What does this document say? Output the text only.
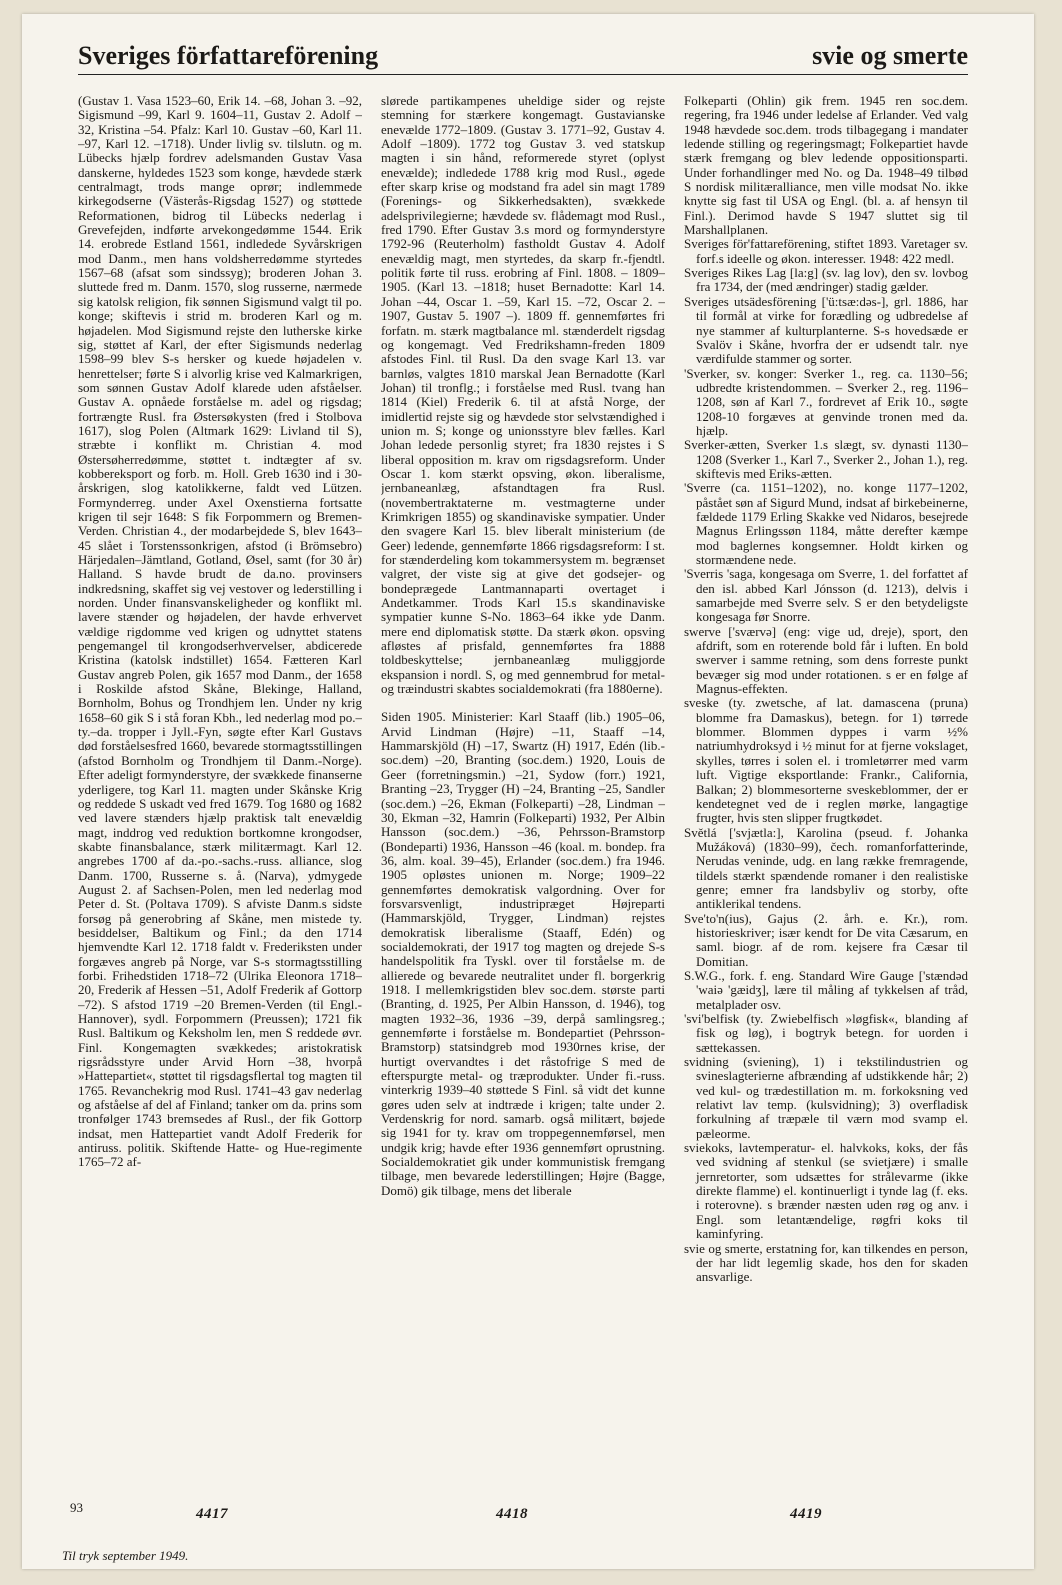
Sveriges författareförening	svie og smerte

(Gustav 1. Vasa 1523–60, Erik 14. –68, Johan 3. –92, Sigismund –99, Karl 9. 1604–11, Gustav 2. Adolf –32, Kristina –54. Pfalz: Karl 10. Gustav –60, Karl 11. –97, Karl 12. –1718). Under livlig sv. tilslutn. og m. Lübecks hjælp fordrev adelsmanden Gustav Vasa danskerne, hyldedes 1523 som konge, hævdede stærk centralmagt, trods mange oprør; indlemmede kirkegodserne (Västerås-Rigsdag 1527) og støttede Reformationen, bidrog til Lübecks nederlag i Grevefejden, indførte arvekongedømme 1544. Erik 14. erobrede Estland 1561, indledede Syvårskrigen mod Danm., men hans voldsherredømme styrtedes 1567–68 (afsat som sindssyg); broderen Johan 3. sluttede fred m. Danm. 1570, slog russerne, nærmede sig katolsk religion, fik sønnen Sigismund valgt til po. konge; skiftevis i strid m. broderen Karl og m. højadelen. Mod Sigismund rejste den lutherske kirke sig, støttet af Karl, der efter Sigismunds nederlag 1598–99 blev S-s hersker og kuede højadelen v. henrettelser; førte S i alvorlig krise ved Kalmarkrigen, som sønnen Gustav Adolf klarede uden afståelser. Gustav A. opnåede forståelse m. adel og rigsdag; fortrængte Rusl. fra Østersøkysten (fred i Stolbova 1617), slog Polen (Altmark 1629: Livland til S), stræbte i konflikt m. Christian 4. mod Østersøherredømme, støttet t. indtægter af sv. kobbereksport og forb. m. Holl. Greb 1630 ind i 30-årskrigen, slog katolikkerne, faldt ved Lützen. Formynderreg. under Axel Oxenstierna fortsatte krigen til sejr 1648: S fik Forpommern og Bremen-Verden. Christian 4., der modarbejdede S, blev 1643–45 slået i Torstenssonkrigen, afstod (i Brömsebro) Härjedalen–Jämtland, Gotland, Øsel, samt (for 30 år) Halland. S havde brudt de da.no. provinsers indkredsning, skaffet sig vej vestover og lederstilling i norden. Under finansvanskeligheder og konflikt ml. lavere stænder og højadelen, der havde erhvervet vældige rigdomme ved krigen og udnyttet statens pengemangel til krongodserhvervelser, abdicerede Kristina (katolsk indstillet) 1654. Fætteren Karl Gustav angreb Polen, gik 1657 mod Danm., der 1658 i Roskilde afstod Skåne, Blekinge, Halland, Bornholm, Bohus og Trondhjem len. Under ny krig 1658–60 gik S i stå foran Kbh., led nederlag mod po.–ty.–da. tropper i Jyll.-Fyn, søgte efter Karl Gustavs død forståelsesfred 1660, bevarede stormagtsstillingen (afstod Bornholm og Trondhjem til Danm.-Norge). Efter adeligt formynderstyre, der svækkede finanserne yderligere, tog Karl 11. magten under Skånske Krig og reddede S uskadt ved fred 1679. Tog 1680 og 1682 ved lavere stænders hjælp praktisk talt enevældig magt, inddrog ved reduktion bortkomne krongodser, skabte finansbalance, stærk militærmagt. Karl 12. angrebes 1700 af da.-po.-sachs.-russ. alliance, slog Danm. 1700, Russerne s. å. (Narva), ydmygede August 2. af Sachsen-Polen, men led nederlag mod Peter d. St. (Poltava 1709). S afviste Danm.s sidste forsøg på generobring af Skåne, men mistede ty. besiddelser, Baltikum og Finl.; da den 1714 hjemvendte Karl 12. 1718 faldt v. Frederiksten under forgæves angreb på Norge, var S-s stormagtsstilling forbi. Frihedstiden 1718–72 (Ulrika Eleonora 1718–20, Frederik af Hessen –51, Adolf Frederik af Gottorp –72). S afstod 1719 –20 Bremen-Verden (til Engl.-Hannover), sydl. Forpommern (Preussen); 1721 fik Rusl. Baltikum og Keksholm len, men S reddede øvr. Finl. Kongemagten svækkedes; aristokratisk rigsrådsstyre under Arvid Horn –38, hvorpå »Hattepartiet«, støttet til rigsdagsflertal tog magten til 1765. Revanchekrig mod Rusl. 1741–43 gav nederlag og afståelse af del af Finland; tanker om da. prins som tronfølger 1743 bremsedes af Rusl., der fik Gottorp indsat, men Hattepartiet vandt Adolf Frederik for antiruss. politik. Skiftende Hatte- og Hue-regimente 1765–72 af-

slørede partikampenes uheldige sider og rejste stemning for stærkere kongemagt. Gustavianske enevælde 1772–1809. (Gustav 3. 1771–92, Gustav 4. Adolf –1809). 1772 tog Gustav 3. ved statskup magten i sin hånd, reformerede styret (oplyst enevælde); indledede 1788 krig mod Rusl., øgede efter skarp krise og modstand fra adel sin magt 1789 (Forenings- og Sikkerhedsakten), svækkede adelsprivilegierne; hævdede sv. flådemagt mod Rusl., fred 1790. Efter Gustav 3.s mord og formynderstyre 1792-96 (Reuterholm) fastholdt Gustav 4. Adolf enevældig magt, men styrtedes, da skarp fr.-fjendtl. politik førte til russ. erobring af Finl. 1808. – 1809–1905. (Karl 13. –1818; huset Bernadotte: Karl 14. Johan –44, Oscar 1. –59, Karl 15. –72, Oscar 2. –1907, Gustav 5. 1907 –). 1809 ff. gennemførtes fri forfatn. m. stærk magtbalance ml. stænderdelt rigsdag og kongemagt. Ved Fredrikshamn-freden 1809 afstodes Finl. til Rusl. Da den svage Karl 13. var barnløs, valgtes 1810 marskal Jean Bernadotte (Karl Johan) til tronflg.; i forståelse med Rusl. tvang han 1814 (Kiel) Frederik 6. til at afstå Norge, der imidlertid rejste sig og hævdede stor selvstændighed i union m. S; konge og unionsstyre blev fælles. Karl Johan ledede personlig styret; fra 1830 rejstes i S liberal opposition m. krav om rigsdagsreform. Under Oscar 1. kom stærkt opsving, økon. liberalisme, jernbaneanlæg, afstandtagen fra Rusl. (novembertraktaterne m. vestmagterne under Krimkrigen 1855) og skandinaviske sympatier. Under den svagere Karl 15. blev liberalt ministerium (de Geer) ledende, gennemførte 1866 rigsdagsreform: I st. for stænderdeling kom tokammersystem m. begrænset valgret, der viste sig at give det godsejer- og bondeprægede Lantmannaparti overtaget i Andetkammer. Trods Karl 15.s skandinaviske sympatier kunne S-No. 1863–64 ikke yde Danm. mere end diplomatisk støtte. Da stærk økon. opsving afløstes af prisfald, gennemførtes fra 1888 toldbeskyttelse; jernbaneanlæg muliggjorde ekspansion i nordl. S, og med gennembrud for metal- og træindustri skabtes socialdemokrati (fra 1880erne).

Siden 1905. Ministerier: Karl Staaff (lib.) 1905–06, Arvid Lindman (Højre) –11, Staaff –14, Hammarskjöld (H) –17, Swartz (H) 1917, Edén (lib.-soc.dem) –20, Branting (soc.dem.) 1920, Louis de Geer (forretningsmin.) –21, Sydow (forr.) 1921, Branting –23, Trygger (H) –24, Branting –25, Sandler (soc.dem.) –26, Ekman (Folkeparti) –28, Lindman –30, Ekman –32, Hamrin (Folkeparti) 1932, Per Albin Hansson (soc.dem.) –36, Pehrsson-Bramstorp (Bondeparti) 1936, Hansson –46 (koal. m. bondep. fra 36, alm. koal. 39–45), Erlander (soc.dem.) fra 1946. 1905 opløstes unionen m. Norge; 1909–22 gennemførtes demokratisk valgordning. Over for forsvarsvenligt, industripræget Højreparti (Hammarskjöld, Trygger, Lindman) rejstes demokratisk liberalisme (Staaff, Edén) og socialdemokrati, der 1917 tog magten og drejede S-s handelspolitik fra Tyskl. over til forståelse m. de allierede og bevarede neutralitet under fl. borgerkrig 1918. I mellemkrigstiden blev soc.dem. største parti (Branting, d. 1925, Per Albin Hansson, d. 1946), tog magten 1932–36, 1936 –39, derpå samlingsreg.; gennemførte i forståelse m. Bondepartiet (Pehrsson-Bramstorp) statsindgreb mod 1930rnes krise, der hurtigt overvandtes i det råstofrige S med de efterspurgte metal- og træprodukter. Under fi.-russ. vinterkrig 1939–40 støttede S Finl. så vidt det kunne gøres uden selv at indtræde i krigen; talte under 2. Verdenskrig for nord. samarb. også militært, bøjede sig 1941 for ty. krav om troppegennemførsel, men undgik krig; havde efter 1936 gennemført oprustning. Socialdemokratiet gik under kommunistisk fremgang tilbage, men bevarede lederstillingen; Højre (Bagge, Domö) gik tilbage, mens det liberale

Folkeparti (Ohlin) gik frem. 1945 ren soc.dem. regering, fra 1946 under ledelse af Erlander. Ved valg 1948 hævdede soc.dem. trods tilbagegang i mandater ledende stilling og regeringsmagt; Folkepartiet havde stærk fremgang og blev ledende oppositionsparti. Under forhandlinger med No. og Da. 1948–49 tilbød S nordisk militæralliance, men ville modsat No. ikke knytte sig fast til USA og Engl. (bl. a. af hensyn til Finl.). Derimod havde S 1947 sluttet sig til Marshallplanen.

Sveriges för'fattareförening, stiftet 1893. Varetager sv. forf.s ideelle og økon. interesser. 1948: 422 medl.

Sveriges Rikes Lag [la:g] (sv. lag lov), den sv. lovbog fra 1734, der (med ændringer) stadig gælder.

Sveriges utsädesförening ['ü:tsæ:dəs-], grl. 1886, har til formål at virke for forædling og udbredelse af nye stammer af kulturplanterne. S-s hovedsæde er Svalöv i Skåne, hvorfra der er udsendt talr. nye værdifulde stammer og sorter.

'Sverker, sv. konger: Sverker 1., reg. ca. 1130–56; udbredte kristendommen. – Sverker 2., reg. 1196–1208, søn af Karl 7., fordrevet af Erik 10., søgte 1208-10 forgæves at genvinde tronen med da. hjælp.

Sverker-ætten, Sverker 1.s slægt, sv. dynasti 1130–1208 (Sverker 1., Karl 7., Sverker 2., Johan 1.), reg. skiftevis med Eriks-ætten.

'Sverre (ca. 1151–1202), no. konge 1177–1202, påstået søn af Sigurd Mund, indsat af birkebeinerne, fældede 1179 Erling Skakke ved Nidaros, besejrede Magnus Erlingssøn 1184, måtte derefter kæmpe mod baglernes kongsemner. Holdt kirken og stormændene nede.

'Sverris 'saga, kongesaga om Sverre, 1. del forfattet af den isl. abbed Karl Jónsson (d. 1213), delvis i samarbejde med Sverre selv. S er den betydeligste kongesaga før Snorre.

swerve ['sværvə] (eng: vige ud, dreje), sport, den afdrift, som en roterende bold får i luften. En bold swerver i samme retning, som dens forreste punkt bevæger sig mod under rotationen. s er en følge af Magnus-effekten.

sveske (ty. zwetsche, af lat. damascena (pruna) blomme fra Damaskus), betegn. for 1) tørrede blommer. Blommen dyppes i varm ½% natriumhydroksyd i ½ minut for at fjerne vokslaget, skylles, tørres i solen el. i tromletørrer med varm luft. Vigtige eksportlande: Frankr., California, Balkan; 2) blommesorterne sveskeblommer, der er kendetegnet ved de i reglen mørke, langagtige frugter, hvis sten slipper frugtkødet.

Světlá ['svjætla:], Karolina (pseud. f. Johanka Mužáková) (1830–99), čech. romanforfatterinde, Nerudas veninde, udg. en lang række fremragende, tildels stærkt spændende romaner i den realistiske genre; emner fra landsbyliv og storby, ofte antiklerikal tendens.

Sve'to'n(ius), Gajus (2. årh. e. Kr.), rom. historieskriver; især kendt for De vita Cæsarum, en saml. biogr. af de rom. kejsere fra Cæsar til Domitian.

S.W.G., fork. f. eng. Standard Wire Gauge ['stændəd 'waiə 'gæidʒ], lære til måling af tykkelsen af tråd, metalplader osv.

'svi'belfisk (ty. Zwiebelfisch »løgfisk«, blanding af fisk og løg), i bogtryk betegn. for uorden i sættekassen.

svidning (sviening), 1) i tekstilindustrien og svineslagterierne afbrænding af udstikkende hår; 2) ved kul- og trædestillation m. m. forkoksning ved relativt lav temp. (kulsvidning); 3) overfladisk forkulning af træpæle til værn mod svamp el. pæleorme.

sviekoks, lavtemperatur- el. halvkoks, koks, der fås ved svidning af stenkul (se svietjære) i smalle jernretorter, som udsættes for strålevarme (ikke direkte flamme) el. kontinuerligt i tynde lag (f. eks. i roterovne). s brænder næsten uden røg og anv. i Engl. som letantændelige, røgfri koks til kaminfyring.

svie og smerte, erstatning for, kan tilkendes en person, der har lidt legemlig skade, hos den for skaden ansvarlige.

93	4417	4418	4419
Til tryk september 1949.
